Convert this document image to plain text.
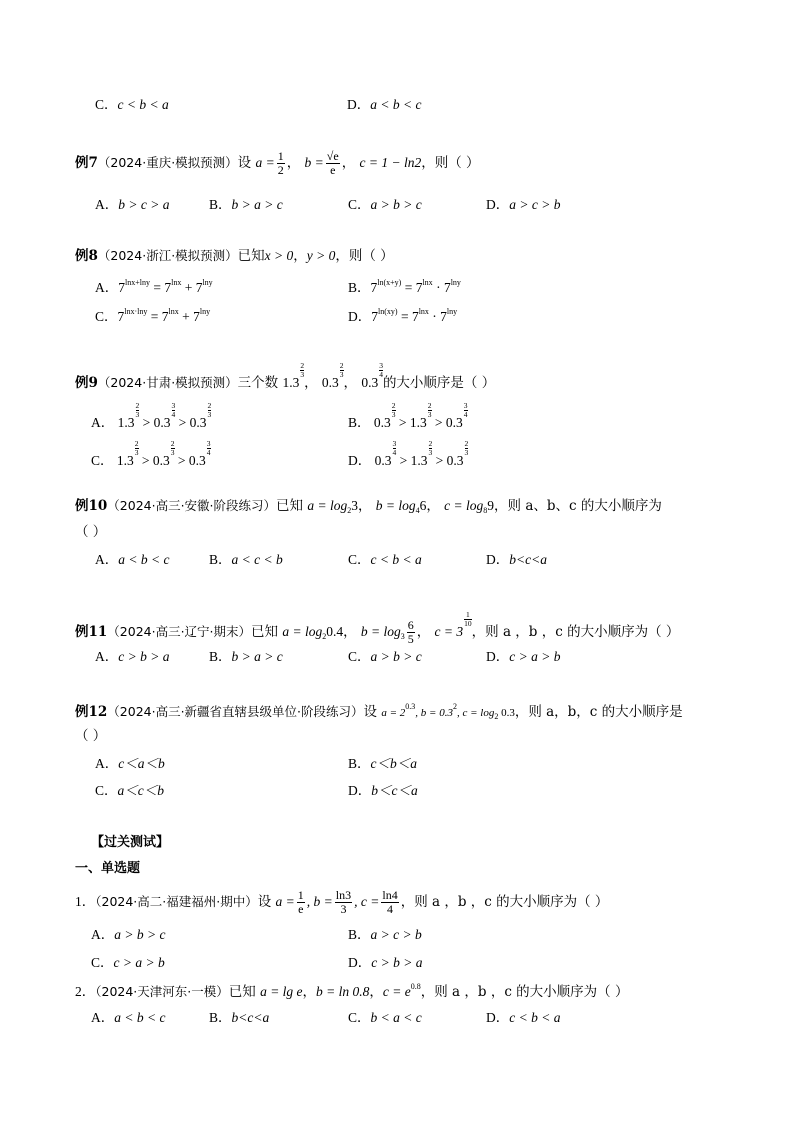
C．c < b < a	D．a < b < c
例7（2024·重庆·模拟预测）设 $a = \frac{1}{2}$ ， $b = \frac{√e}{e}$ ， c = 1 − ln2，则（ ）
A．b > c > a	B．b > a > c	C．a > b > c	D．a > c > b
例8（2024·浙江·模拟预测）已知x > 0，y > 0，则（ ）
A．$7^{lnx+lny} = 7^{lnx} + 7^{lny}$	B．$7^{ln(x+y)} = 7^{lnx} \cdot 7^{lny}$
C．$7^{lnx\cdot lny} = 7^{lnx} + 7^{lny}$	D．$7^{ln(xy)} = 7^{lnx} \cdot 7^{lny}$
例9（2024·甘肃·模拟预测）三个数 1.3
$\frac{2}{3}$
， 0.3
$\frac{2}{3}$
， 0.3
$\frac{3}{4}$
的大小顺序是（ ）
A． 1.3
$\frac{2}{3}$
> 0.3
$\frac{3}{4}$
> 0.3
$\frac{2}{3}$
B． 0.3
$\frac{2}{3}$
> 1.3
$\frac{2}{3}$
> 0.3
$\frac{3}{4}$
C． 1.3
$\frac{2}{3}$
> 0.3
$\frac{2}{3}$
> 0.3
$\frac{3}{4}$
D． 0.3
$\frac{3}{4}$
> 1.3
$\frac{2}{3}$
> 0.3
$\frac{2}{3}$
例10（2024·高三·安徽·阶段练习）已知 $a = \log_23$， $b = \log_46$， $c = \log_89$，则 a、b、c 的大小顺序为
（ ）
A．a < b < c	B．a < c < b	C．c < b < a	D．b<c<a
例11（2024·高三·辽宁·期末）已知 $a = \log_20.4$， $b = \log_3 \frac{6}{5}$ ， c = 3
$\frac{1}{10}$
，则 a ，b ，c 的大小顺序为（ ）
A．c > b > a	B．b > a > c	C．a > b > c	D．c > a > b
例12（2024·高三·新疆省直辖县级单位·阶段练习）设 $a = 2^{0.3}$, $b = 0.3^2$, $c = \log_2 0.3$，则 a，b，c 的大小顺序是
（ ）
A．c＜a＜b	B．c＜b＜a
C．a＜c＜b	D．b＜c＜a
【过关测试】
一、单选题
1．（2024·高二·福建福州·期中）设 $a = \frac{1}{e}$ , $b = \frac{\ln 3}{3}$ , $c = \frac{\ln 4}{4}$ ，则 a ，b ，c 的大小顺序为（ ）
A．a > b > c	B．a > c > b
C．c > a > b	D．c > b > a
2．（2024·天津河东·一模）已知 a = lg e，b = ln 0.8，$c = e^{0.8}$，则 a ，b ，c 的大小顺序为（ ）
A．a < b < c	B．b<c<a	C．b < a < c	D．c < b < a
